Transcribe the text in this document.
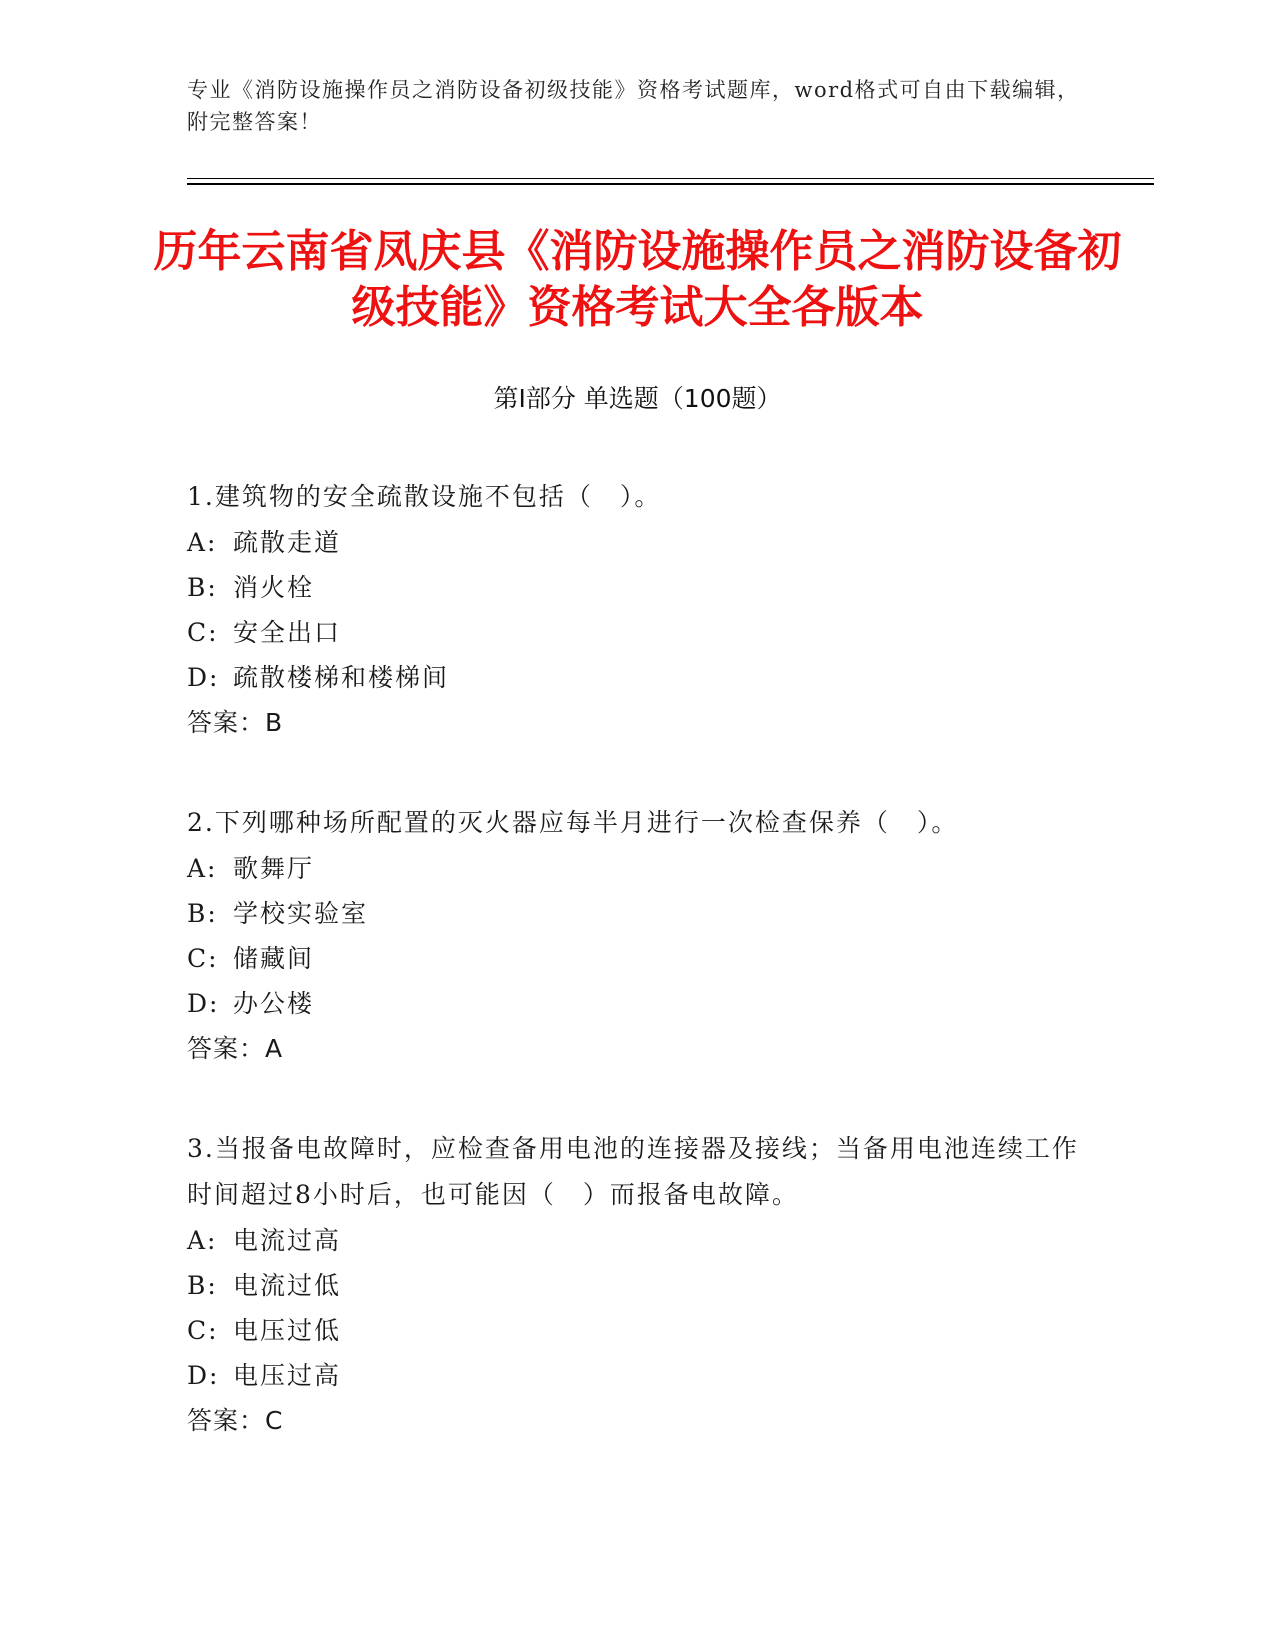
专业《消防设施操作员之消防设备初级技能》资格考试题库，word格式可自由下载编辑，附完整答案！
历年云南省凤庆县《消防设施操作员之消防设备初级技能》资格考试大全各版本
第I部分 单选题（100题）
1.建筑物的安全疏散设施不包括（　）。
A: 疏散走道
B: 消火栓
C: 安全出口
D: 疏散楼梯和楼梯间
答案：B
2.下列哪种场所配置的灭火器应每半月进行一次检查保养（　）。
A: 歌舞厅
B: 学校实验室
C: 储藏间
D: 办公楼
答案：A
3.当报备电故障时，应检查备用电池的连接器及接线；当备用电池连续工作时间超过8小时后，也可能因（　）而报备电故障。
A: 电流过高
B: 电流过低
C: 电压过低
D: 电压过高
答案：C
